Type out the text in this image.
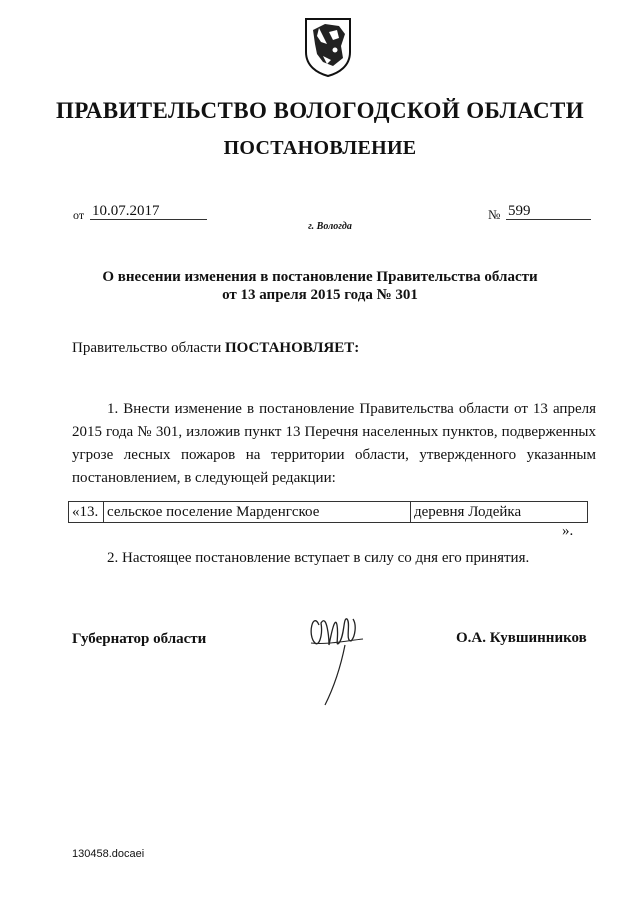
ПРАВИТЕЛЬСТВО ВОЛОГОДСКОЙ ОБЛАСТИ
ПОСТАНОВЛЕНИЕ
от 10.07.2017	№ 599
г. Вологда
О внесении изменения в постановление Правительства области
от 13 апреля 2015 года № 301
Правительство области ПОСТАНОВЛЯЕТ:
1. Внести изменение в постановление Правительства области от 13 апреля 2015 года № 301, изложив пункт 13 Перечня населенных пунктов, подверженных угрозе лесных пожаров на территории области, утвержденного указанным постановлением, в следующей редакции:
«13.	сельское поселение Марденгское	деревня Лодейка
».
2. Настоящее постановление вступает в силу со дня его принятия.
Губернатор области	О.А. Кувшинников
130458.docaei
